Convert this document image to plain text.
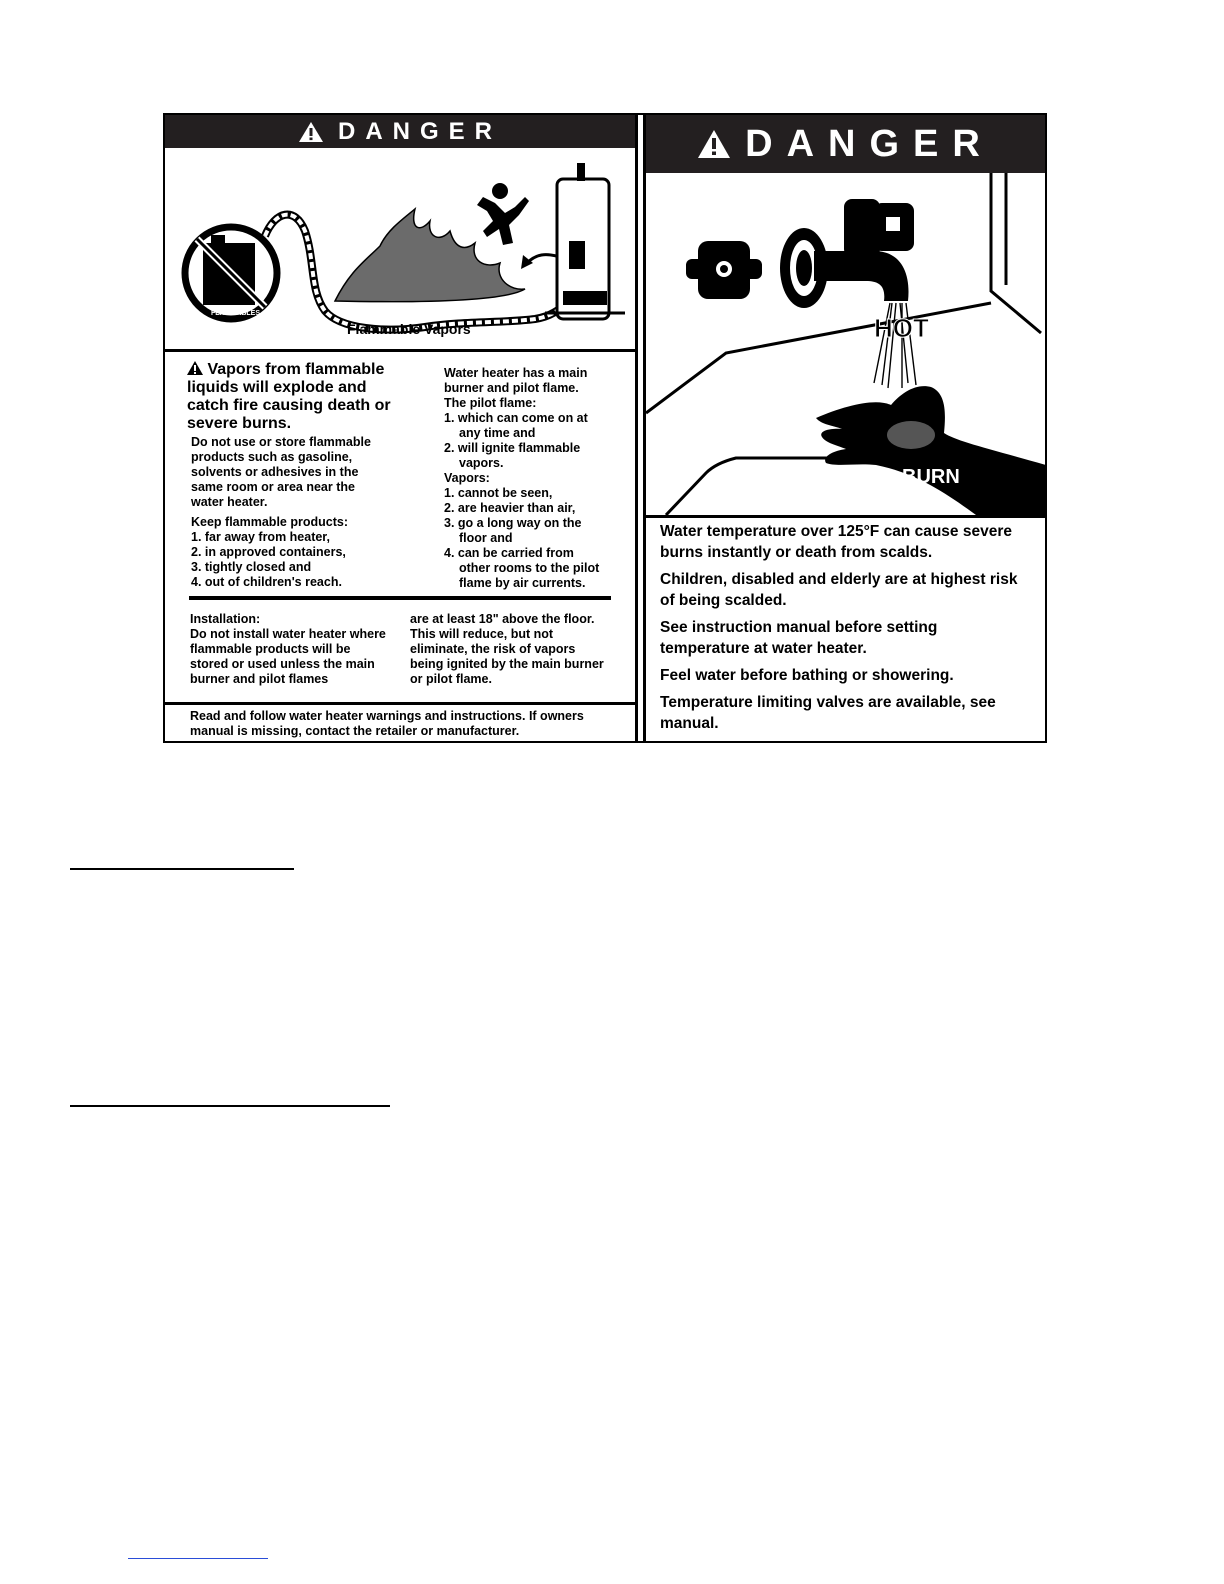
DANGER
FLAMMABLES
Flammable Vapors

Vapors from flammable liquids will explode and catch fire causing death or severe burns.

Do not use or store flammable products such as gasoline, solvents or adhesives in the same room or area near the water heater.

Keep flammable products:

1. far away from heater,

2. in approved containers,

3. tightly closed and

4. out of children's reach.

Water heater has a main burner and pilot flame.

The pilot flame:

1. which can come on at

any time and

2. will ignite flammable

vapors.

Vapors:

1. cannot be seen,

2. are heavier than air,

3. go a long way on the

floor and

4. can be carried from

other rooms to the pilot

flame by air currents.

Installation:

Do not install water heater where flammable products will be stored or used unless the main burner and pilot flames

are at least 18" above the floor. This will reduce, but not eliminate, the risk of vapors being ignited by the main burner or pilot flame.

Read and follow water heater warnings and instructions. If owners manual is missing, contact the retailer or manufacturer.

DANGER
HOT
BURN

Water temperature over 125°F can cause severe burns instantly or death from scalds.

Children, disabled and elderly are at highest risk of being scalded.

See instruction manual before setting temperature at water heater.

Feel water before bathing or showering.

Temperature limiting valves are available, see manual.
